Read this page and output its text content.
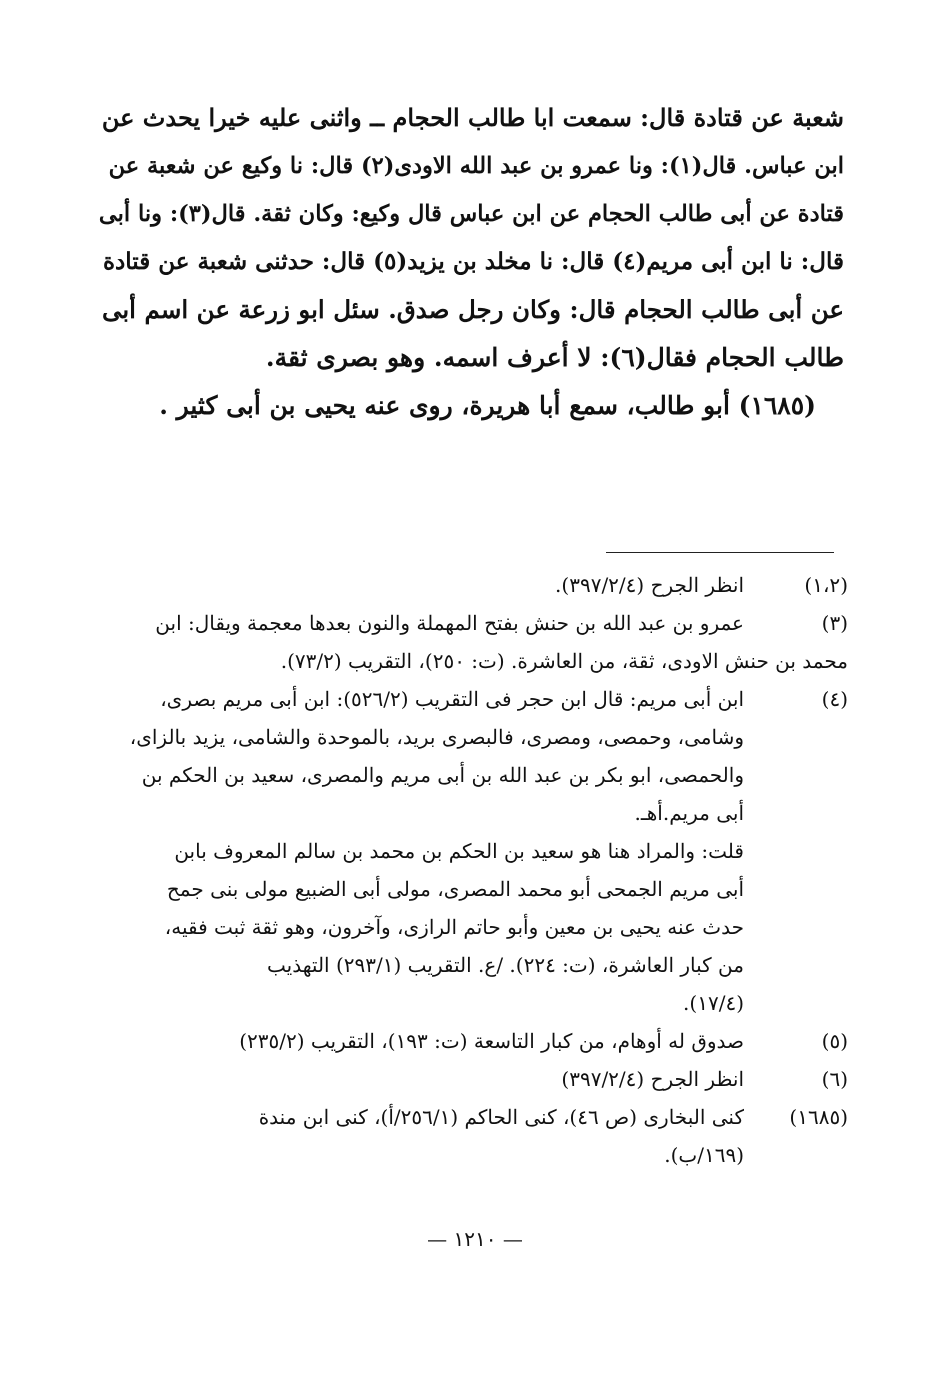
شعبة عن قتادة قال: سمعت ابا طالب الحجام ــ واثنى عليه خيرا يحدث عن
ابن عباس. قال(١): ونا عمرو بن عبد الله الاودى(٢) قال: نا وكيع عن شعبة عن
قتادة عن أبى طالب الحجام عن ابن عباس قال وكيع: وكان ثقة. قال(٣): ونا أبى
قال: نا ابن أبى مريم(٤) قال: نا مخلد بن يزيد(٥) قال: حدثنى شعبة عن قتادة
عن أبى طالب الحجام قال: وكان رجل صدق. سئل ابو زرعة عن اسم أبى
طالب الحجام فقال(٦): لا أعرف اسمه. وهو بصرى ثقة.
(١٦٨٥) أبو طالب، سمع أبا هريرة، روى عنه يحيى بن أبى كثير .
(١،٢)
انظر الجرح (٣٩٧/٢/٤).
(٣)
عمرو بن عبد الله بن حنش بفتح المهملة والنون بعدها معجمة ويقال: ابن
محمد بن حنش الاودى، ثقة، من العاشرة. (ت: ٢٥٠)، التقريب (٧٣/٢).
(٤)
ابن أبى مريم: قال ابن حجر فى التقريب (٥٢٦/٢): ابن أبى مريم بصرى،
وشامى، وحمصى، ومصرى، فالبصرى بريد، بالموحدة والشامى، يزيد بالزاى،
والحمصى، ابو بكر بن عبد الله بن أبى مريم والمصرى، سعيد بن الحكم بن
أبى مريم.أهـ.
قلت: والمراد هنا هو سعيد بن الحكم بن محمد بن سالم المعروف بابن
أبى مريم الجمحى أبو محمد المصرى، مولى أبى الضبيع مولى بنى جمح
حدث عنه يحيى بن معين وأبو حاتم الرازى، وآخرون، وهو ثقة ثبت فقيه،
من كبار العاشرة، (ت: ٢٢٤). /ع. التقريب (٢٩٣/١) التهذيب
(١٧/٤).
(٥)
صدوق له أوهام، من كبار التاسعة (ت: ١٩٣)، التقريب (٢٣٥/٢)
(٦)
انظر الجرح (٣٩٧/٢/٤)
(١٦٨٥)
كنى البخارى (ص ٤٦)، كنى الحاكم (٢٥٦/١/أ)، كنى ابن مندة
(١٦٩/ب).
— ١٢١٠ —
